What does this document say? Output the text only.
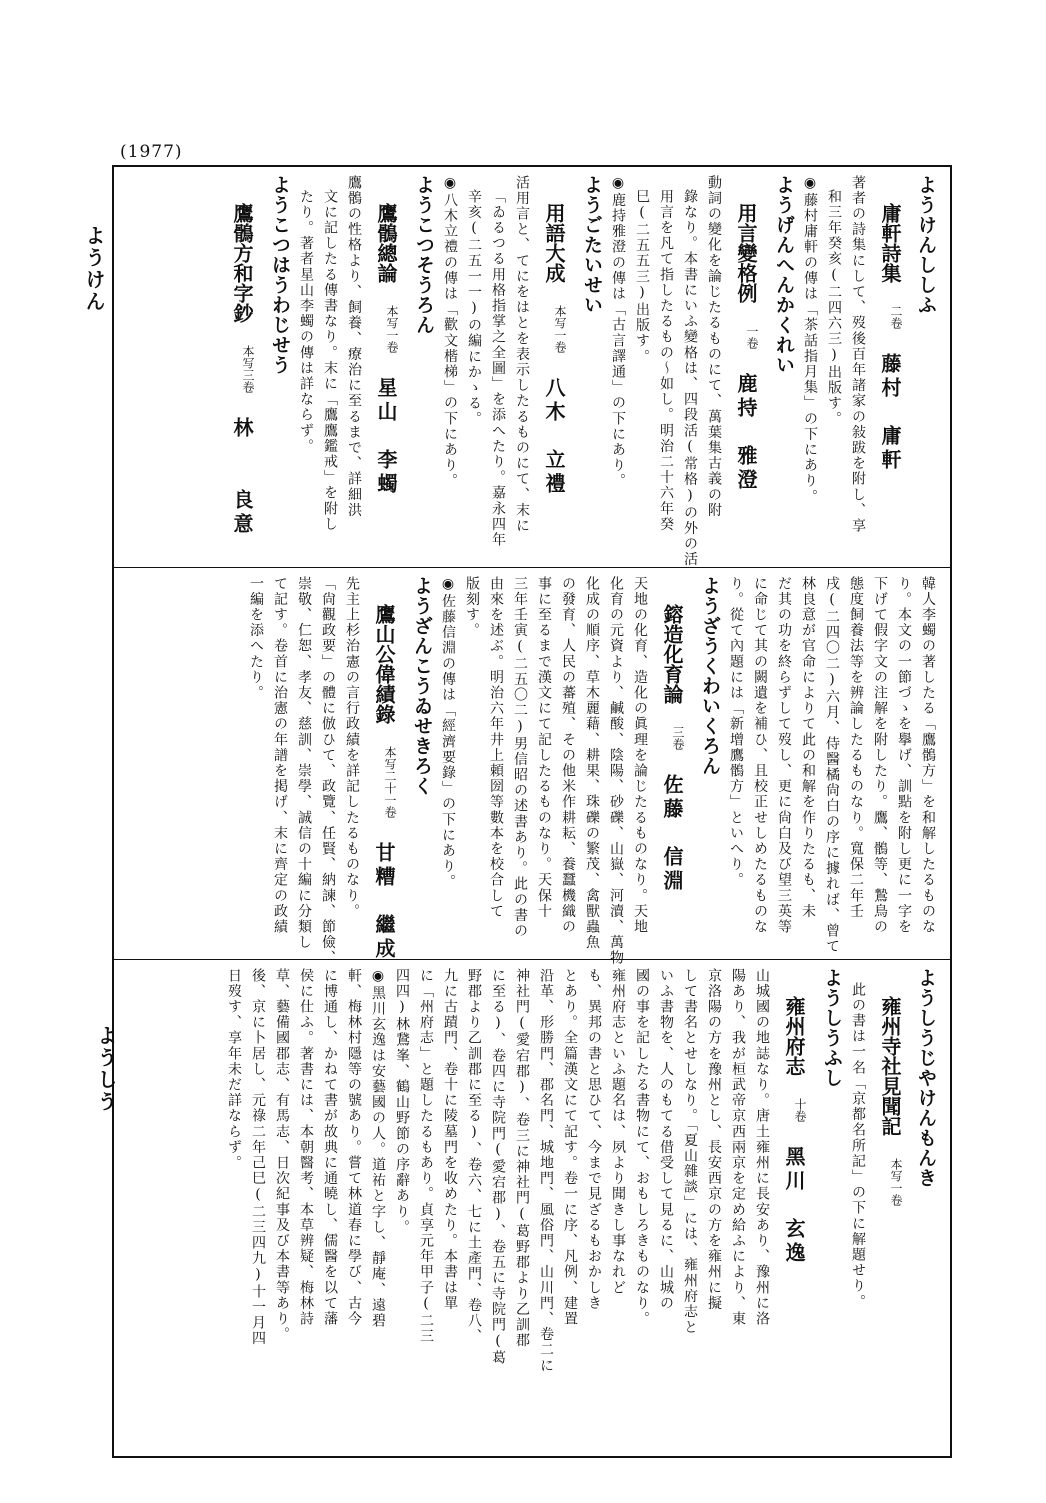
(1977)
ようけん
ようしう
ようけんししふ
庸軒詩集
二卷
藤村　庸軒
著者の詩集にして、歿後百年諸家の敍跋を附し、享
和三年癸亥(二四六三)出版す。
◉藤村庸軒の傳は「茶話指月集」の下にあり。
ようげんへんかくれい
用言變格例
一卷
鹿持　雅澄
動詞の變化を論じたるものにて、萬葉集古義の附
錄なり。本書にいふ變格は、四段活(常格)の外の活
用言を凡て指したるもの～如し。明治二十六年癸
巳(二五五三)出版す。
◉鹿持雅澄の傳は「古言譯通」の下にあり。
ようごたいせい
用語大成
本写一卷
八木　立禮
活用言と、てにをはとを表示したるものにて、末に
「ゐるつる用格指掌之全圖」を添へたり。嘉永四年
辛亥(二五一一)の編にかゝる。
◉八木立禮の傳は「歡文楷梯」の下にあり。
ようこつそうろん
鷹鶻總論
本写一卷
星山　李蠋
鷹鶻の性格より、飼養、療治に至るまで、詳細洪
文に記したる傳書なり。末に「鷹鷹鑑戒」を附し
たり。著者星山李蠋の傳は詳ならず。
ようこつはうわじせう
鷹鶻方和字鈔
本写三卷
林　　良意
韓人李蠋の著したる「鷹鶻方」を和解したるものな
り。本文の一節づゝを擧げ、訓點を附し更に一字を
下げて假字文の注解を附したり。鷹、鶻等、鷙鳥の
態度飼養法等を辨論したるものなり。寬保二年壬
戌(二四〇二)六月、侍醫橘尙白の序に據れば、曾て
林良意が官命によりて此の和解を作りたるも、未
だ其の功を終らずして歿し、更に尙白及び望三英等
に命じて其の闕遺を補ひ、且校正せしめたるものな
り。從て內題には「新增鷹鶻方」といへり。
ようざうくわいくろん
鎔造化育論
三卷
佐藤　信淵
天地の化育、造化の眞理を論じたるものなり。天地
化育の元資より、鹹酸、陰陽、砂礫、山嶽、河瀆、萬物
化成の順序、草木麗藉、耕果、珠礫の繁茂、禽獸蟲魚
の發育、人民の蕃殖、その他米作耕耘、養蠶機織の
事に至るまで漢文にて記したるものなり。天保十
三年壬寅(二五〇二)男信昭の述書あり。此の書の
由來を述ぶ。明治六年井上頼圀等數本を校合して
版刻す。
◉佐藤信淵の傳は「經濟要錄」の下にあり。
ようざんこうゐせきろく
鷹山公偉績錄
本写二十一卷
甘糟　繼成
先主上杉治憲の言行政績を詳記したるものなり。
「尙觀政要」の體に倣ひて、政覽、任賢、納諫、節儉、
崇敬、仁恕、孝友、慈訓、崇學、誠信の十編に分類し
て記す。卷首に治憲の年譜を掲げ、末に齊定の政績
一編を添へたり。
ようしうじやけんもんき
雍州寺社見聞記
本写一卷
此の書は一名「京都名所記」の下に解題せり。
ようしうふし
雍州府志
十卷
黑川　玄逸
山城國の地誌なり。唐土雍州に長安あり、豫州に洛
陽あり、我が桓武帝京西兩京を定め給ふにより、東
京洛陽の方を豫州とし、長安西京の方を雍州に擬
して書名とせしなり。「夏山雜談」には、雍州府志と
いふ書物を、人のもてる借受して見るに、山城の
國の事を記したる書物にて、おもしろきものなり。
雍州府志といふ題名は、夙より聞きし事なれど
も、異邦の書と思ひて、今まで見ざるもおかしき
とあり。全篇漢文にて記す。卷一に序、凡例、建置
沿革、形勝門、郡名門、城地門、風俗門、山川門、卷二に
神社門(愛宕郡)、卷三に神社門(葛野郡より乙訓郡
に至る)、卷四に寺院門(愛宕郡)、卷五に寺院門(葛
野郡より乙訓郡に至る)、卷六、七に土產門、卷八、
九に古蹟門、卷十に陵墓門を收めたり。本書は單
に「州府志」と題したるもあり。貞享元年甲子(二三
四四)林鵞峯、鶴山野節の序辭あり。
◉黑川玄逸は安藝國の人。道祐と字し、靜庵、遠碧
軒、梅林村隱等の號あり。嘗て林道春に學び、古今
に博通し、かねて書が故典に通曉し、儒醫を以て藩
侯に仕ふ。著書には、本朝醫考、本草辨疑、梅林詩
草、藝備國郡志、有馬志、日次紀事及び本書等あり。
後、京に卜居し、元祿二年己巳(二三四九)十一月四
日歿す、享年未だ詳ならず。
